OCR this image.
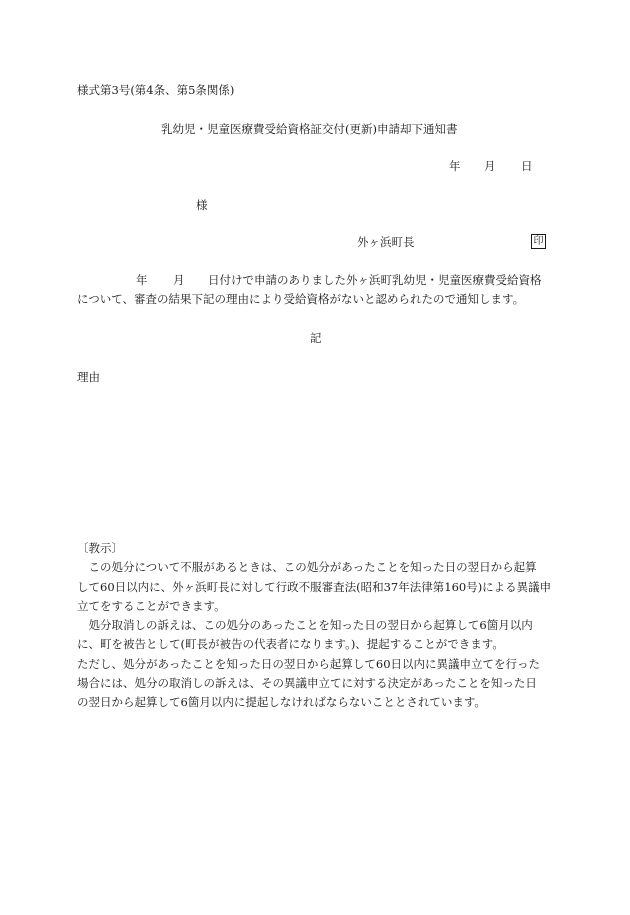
様式第3号(第4条、第5条関係)
乳幼児・児童医療費受給資格証交付(更新)申請却下通知書
年 月 日
様
外ヶ浜町長	印
年 月 日付けで申請のありました外ヶ浜町乳幼児・児童医療費受給資格
について、審査の結果下記の理由により受給資格がないと認められたので通知します。
記
理由
〔教示〕
　この処分について不服があるときは、この処分があったことを知った日の翌日から起算
して60日以内に、外ヶ浜町長に対して行政不服審査法(昭和37年法律第160号)による異議申
立てをすることができます。
　処分取消しの訴えは、この処分のあったことを知った日の翌日から起算して6箇月以内
に、町を被告として(町長が被告の代表者になります。)、提起することができます。
ただし、処分があったことを知った日の翌日から起算して60日以内に異議申立てを行った
場合には、処分の取消しの訴えは、その異議申立てに対する決定があったことを知った日
の翌日から起算して6箇月以内に提起しなければならないこととされています。
